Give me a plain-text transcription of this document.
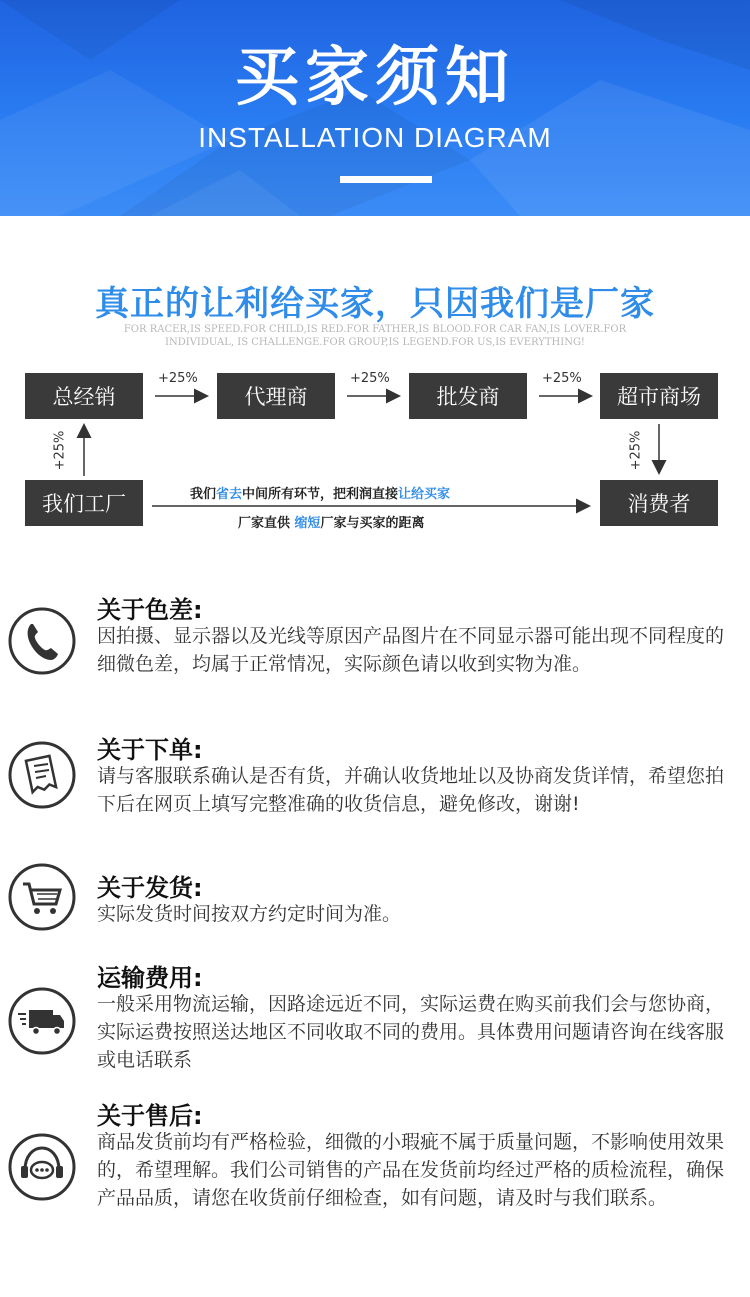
买家须知
INSTALLATION DIAGRAM
真正的让利给买家，只因我们是厂家
FOR RACER,IS SPEED.FOR CHILD,IS RED.FOR FATHER,IS BLOOD.FOR CAR FAN,IS LOVER.FOR INDIVIDUAL, IS CHALLENGE.FOR GROUP,IS LEGEND.FOR US,IS EVERYTHING!
总经销	代理商	批发商	超市商场
我们工厂	消费者
+25%	+25%	+25%
+25%	+25%
我们省去中间所有环节，把利润直接让给买家
厂家直供 缩短厂家与买家的距离
关于色差:
因拍摄、显示器以及光线等原因产品图片在不同显示器可能出现不同程度的细微色差，均属于正常情况，实际颜色请以收到实物为准。
关于下单:
请与客服联系确认是否有货，并确认收货地址以及协商发货详情，希望您拍下后在网页上填写完整准确的收货信息，避免修改，谢谢!
关于发货:
实际发货时间按双方约定时间为准。
运输费用:
一般采用物流运输，因路途远近不同，实际运费在购买前我们会与您协商，实际运费按照送达地区不同收取不同的费用。具体费用问题请咨询在线客服或电话联系
关于售后:
商品发货前均有严格检验，细微的小瑕疵不属于质量问题，不影响使用效果的，希望理解。我们公司销售的产品在发货前均经过严格的质检流程，确保产品品质，请您在收货前仔细检查，如有问题，请及时与我们联系。
